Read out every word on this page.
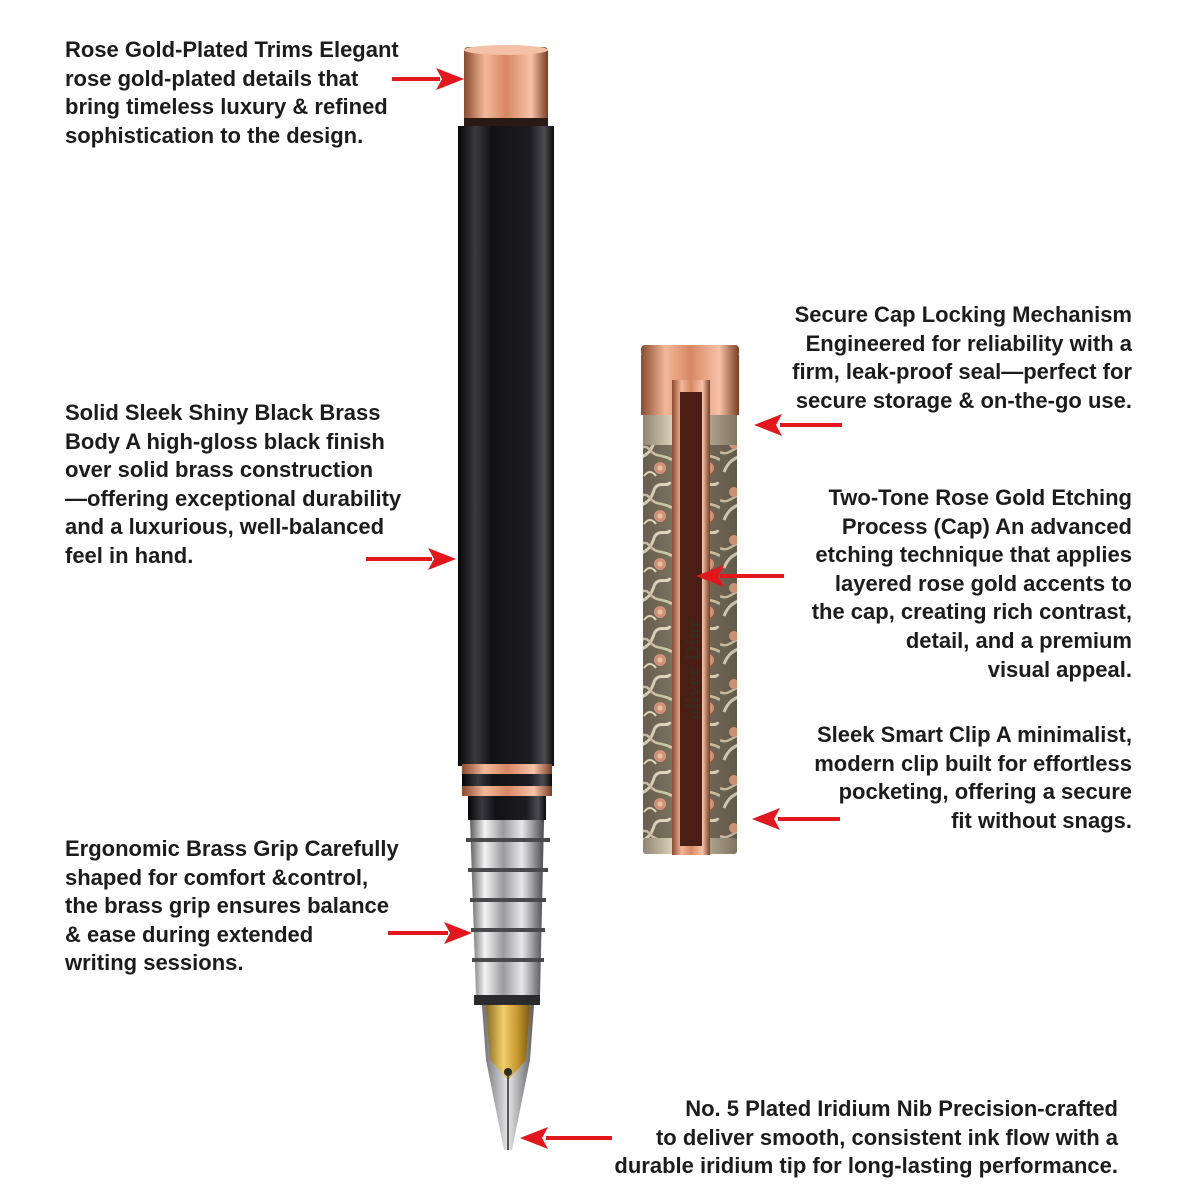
oliver Dior
Rose Gold-Plated Trims Elegant
rose gold-plated details that
bring timeless luxury & refined
sophistication to the design.
Solid Sleek Shiny Black Brass
Body A high-gloss black finish
over solid brass construction
—offering exceptional durability
and a luxurious, well-balanced
feel in hand.
Ergonomic Brass Grip Carefully
shaped for comfort &control,
the brass grip ensures balance
& ease during extended
writing sessions.
Secure Cap Locking Mechanism
Engineered for reliability with a
firm, leak-proof seal—perfect for
secure storage & on-the-go use.
Two-Tone Rose Gold Etching
Process (Cap) An advanced
etching technique that applies
layered rose gold accents to
the cap, creating rich contrast,
detail, and a premium
visual appeal.
Sleek Smart Clip A minimalist,
modern clip built for effortless
pocketing, offering a secure
fit without snags.
No. 5 Plated Iridium Nib Precision-crafted
to deliver smooth, consistent ink flow with a
durable iridium tip for long-lasting performance.
